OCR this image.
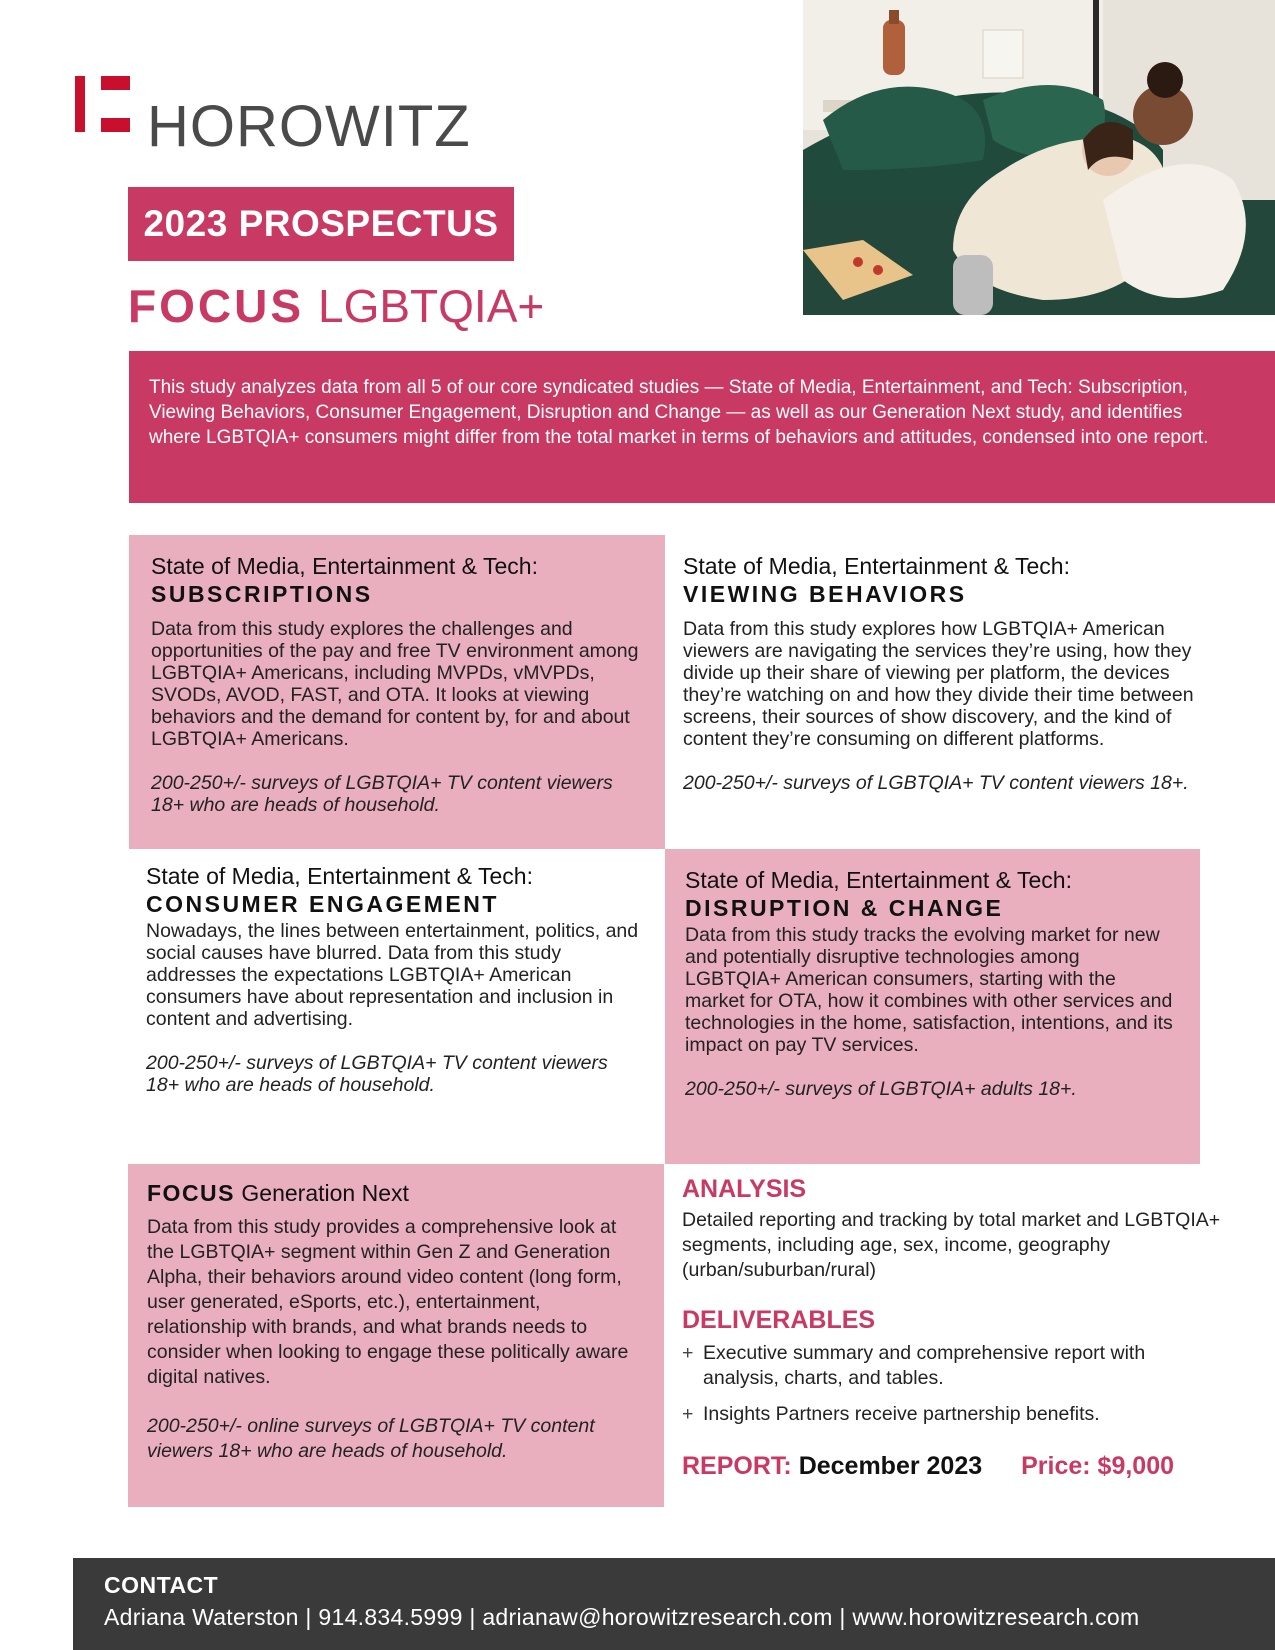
HOROWITZ
2023 PROSPECTUS
FOCUS LGBTQIA+
This study analyzes data from all 5 of our core syndicated studies — State of Media, Entertainment, and Tech: Subscription, Viewing Behaviors, Consumer Engagement, Disruption and Change — as well as our Generation Next study, and identifies where LGBTQIA+ consumers might differ from the total market in terms of behaviors and attitudes, condensed into one report.
State of Media, Entertainment & Tech:
SUBSCRIPTIONS
Data from this study explores the challenges and opportunities of the pay and free TV environment among LGBTQIA+ Americans, including MVPDs, vMVPDs, SVODs, AVOD, FAST, and OTA. It looks at viewing behaviors and the demand for content by, for and about LGBTQIA+ Americans.
200-250+/- surveys of LGBTQIA+ TV content viewers 18+ who are heads of household.
State of Media, Entertainment & Tech:
VIEWING BEHAVIORS
Data from this study explores how LGBTQIA+ American viewers are navigating the services they’re using, how they divide up their share of viewing per platform, the devices they’re watching on and how they divide their time between screens, their sources of show discovery, and the kind of content they’re consuming on different platforms.
200-250+/- surveys of LGBTQIA+ TV content viewers 18+.
State of Media, Entertainment & Tech:
CONSUMER ENGAGEMENT
Nowadays, the lines between entertainment, politics, and social causes have blurred. Data from this study addresses the expectations LGBTQIA+ American consumers have about representation and inclusion in content and advertising.
200-250+/- surveys of LGBTQIA+ TV content viewers 18+ who are heads of household.
State of Media, Entertainment & Tech:
DISRUPTION & CHANGE
Data from this study tracks the evolving market for new and potentially disruptive technologies among LGBTQIA+ American consumers, starting with the market for OTA, how it combines with other services and technologies in the home, satisfaction, intentions, and its impact on pay TV services.
200-250+/- surveys of LGBTQIA+ adults 18+.
FOCUS Generation Next
Data from this study provides a comprehensive look at the LGBTQIA+ segment within Gen Z and Generation Alpha, their behaviors around video content (long form, user generated, eSports, etc.), entertainment, relationship with brands, and what brands needs to consider when looking to engage these politically aware digital natives.
200-250+/- online surveys of LGBTQIA+ TV content viewers 18+ who are heads of household.
ANALYSIS
Detailed reporting and tracking by total market and LGBTQIA+ segments, including age, sex, income, geography (urban/suburban/rural)
DELIVERABLES
+ Executive summary and comprehensive report with analysis, charts, and tables.
+ Insights Partners receive partnership benefits.
REPORT: December 2023 Price: $9,000
CONTACT
Adriana Waterston | 914.834.5999 | adrianaw@horowitzresearch.com | www.horowitzresearch.com
